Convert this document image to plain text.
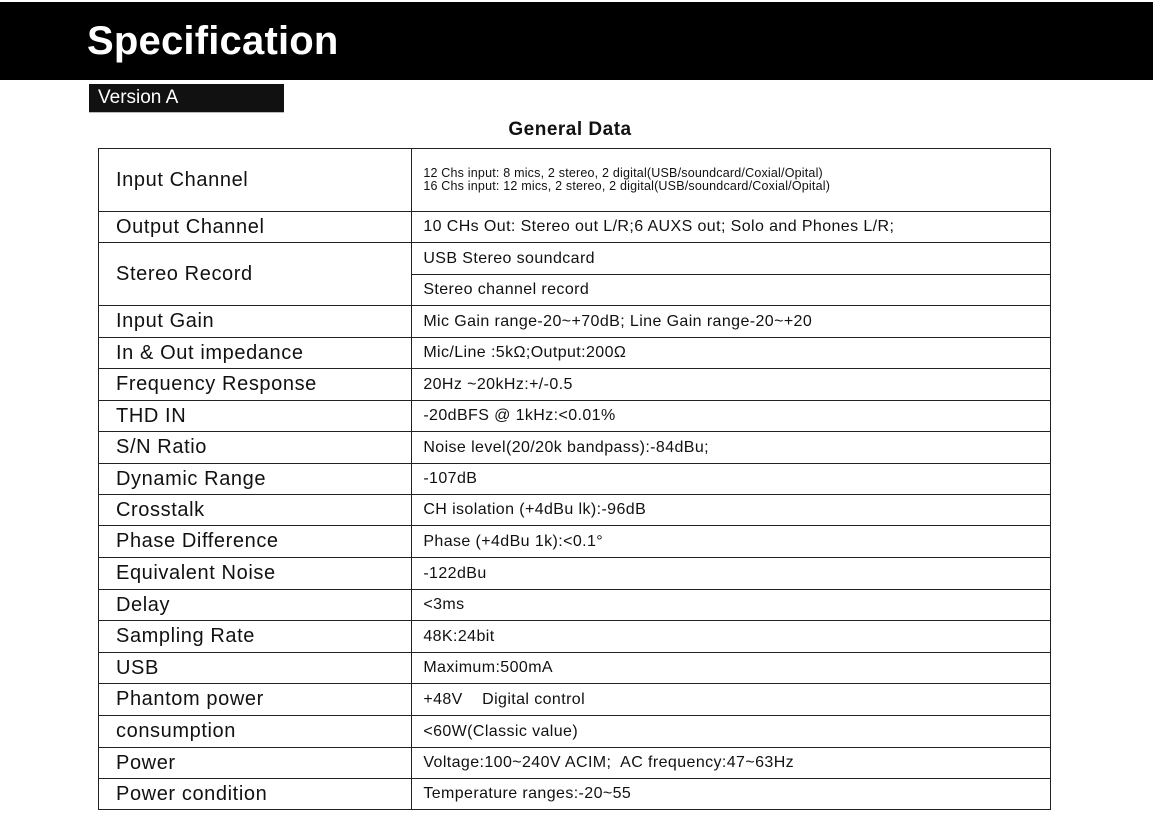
Specification
Version A
General Data
Input Channel	12 Chs input: 8 mics, 2 stereo, 2 digital(USB/soundcard/Coxial/Opital)
16 Chs input: 12 mics, 2 stereo, 2 digital(USB/soundcard/Coxial/Opital)

Output Channel	10 CHs Out: Stereo out L/R;6 AUXS out; Solo and Phones L/R;
Stereo Record	USB Stereo soundcard
	Stereo channel record
Input Gain	Mic Gain range-20~+70dB; Line Gain range-20~+20
In & Out impedance	Mic/Line :5kΩ;Output:200Ω
Frequency Response	20Hz ~20kHz:+/-0.5
THD IN	-20dBFS @ 1kHz:<0.01%
S/N Ratio	Noise level(20/20k bandpass):-84dBu;
Dynamic Range	-107dB
Crosstalk	CH isolation (+4dBu lk):-96dB
Phase Difference	Phase (+4dBu 1k):<0.1°
Equivalent Noise	-122dBu
Delay	<3ms
Sampling Rate	48K:24bit
USB	Maximum:500mA
Phantom power	+48V    Digital control
consumption	<60W(Classic value)
Power	Voltage:100~240V ACIM;  AC frequency:47~63Hz
Power condition	Temperature ranges:-20~55
